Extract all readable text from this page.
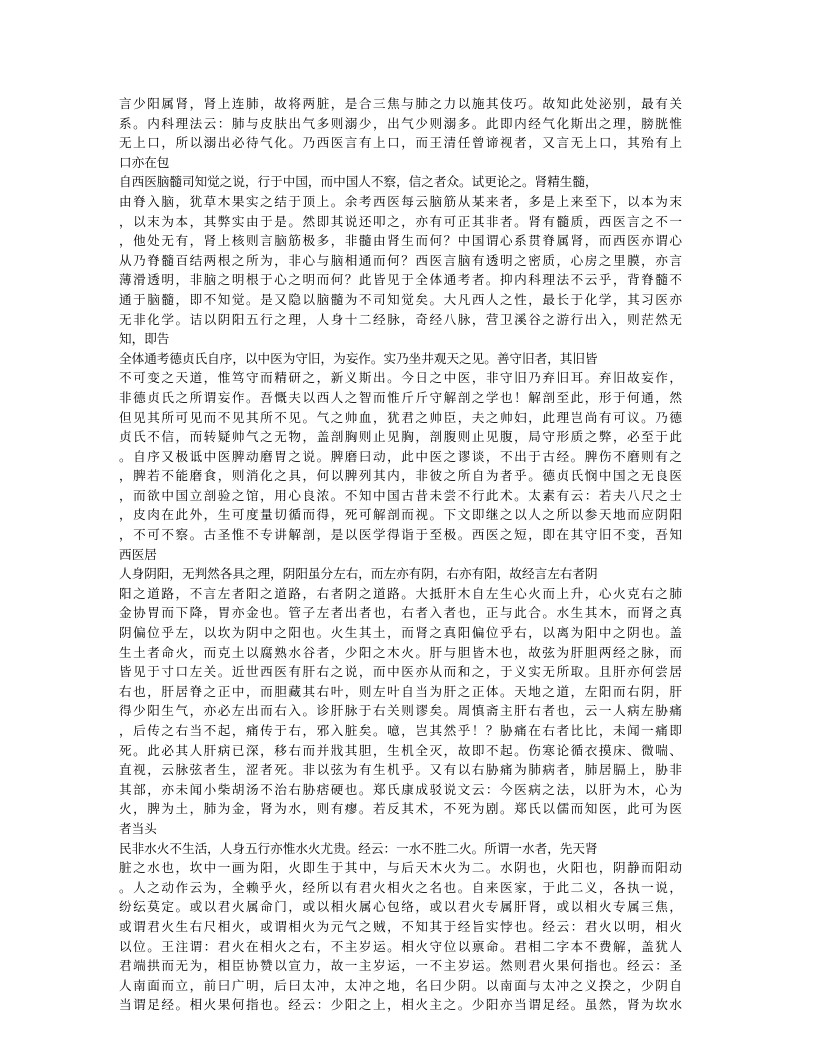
言少阳属肾，肾上连肺，故将两脏，是合三焦与肺之力以施其伎巧。故知此处泌别，最有关
系。内科理法云：肺与皮肤出气多则溺少，出气少则溺多。此即内经气化斯出之理，膀胱惟
无上口，所以溺出必待气化。乃西医言有上口，而王清任曾谛视者，又言无上口，其殆有上
口亦在包
自西医脑髓司知觉之说，行于中国，而中国人不察，信之者众。试更论之。肾精生髓，
由脊入脑，犹草木果实之结于顶上。余考西医每云脑筋从某来者，多是上来至下，以本为末
，以末为本，其弊实由于是。然即其说还叩之，亦有可正其非者。肾有髓质，西医言之不一
，他处无有，肾上核则言脑筋极多，非髓由肾生而何？中国谓心系贯脊属肾，而西医亦谓心
从乃脊髓百结两根之所为，非心与脑相通而何？西医言脑有透明之密质，心房之里膜，亦言
薄滑透明，非脑之明根于心之明而何？此皆见于全体通考者。抑内科理法不云乎，背脊髓不
通于脑髓，即不知觉。是又隐以脑髓为不司知觉矣。大凡西人之性，最长于化学，其习医亦
无非化学。诘以阴阳五行之理，人身十二经脉，奇经八脉，营卫溪谷之游行出入，则茫然无
知，即告
全体通考德贞氏自序，以中医为守旧，为妄作。实乃坐井观天之见。善守旧者，其旧皆
不可变之天道，惟笃守而精研之，新义斯出。今日之中医，非守旧乃弃旧耳。弃旧故妄作，
非德贞氏之所谓妄作。吾慨夫以西人之智而惟斤斤守解剖之学也！解剖至此，形于何通，然
但见其所可见而不见其所不见。气之帅血，犹君之帅臣，夫之帅妇，此理岂尚有可议。乃德
贞氏不信，而转疑帅气之无物，盖剖胸则止见胸，剖腹则止见腹，局守形质之弊，必至于此
。自序又极诋中医脾动磨胃之说。脾磨曰动，此中医之谬谈，不出于古经。脾伤不磨则有之
，脾若不能磨食，则消化之具，何以脾列其内，非彼之所自为者乎。德贞氏悯中国之无良医
，而欲中国立剖验之馆，用心良浓。不知中国古昔未尝不行此术。太素有云：若夫八尺之士
，皮肉在此外，生可度量切循而得，死可解剖而视。下文即继之以人之所以参天地而应阴阳
，不可不察。古圣惟不专讲解剖，是以医学得诣于至极。西医之短，即在其守旧不变，吾知
西医居
人身阴阳，无判然各具之理，阴阳虽分左右，而左亦有阴，右亦有阳，故经言左右者阴
阳之道路，不言左者阳之道路，右者阴之道路。大抵肝木自左生心火而上升，心火克右之肺
金协胃而下降，胃亦金也。管子左者出者也，右者入者也，正与此合。水生其木，而肾之真
阴偏位乎左，以坎为阴中之阳也。火生其土，而肾之真阳偏位乎右，以离为阳中之阴也。盖
生土者命火，而克土以腐熟水谷者，少阳之木火。肝与胆皆木也，故弦为肝胆两经之脉，而
皆见于寸口左关。近世西医有肝右之说，而中医亦从而和之，于义实无所取。且肝亦何尝居
右也，肝居脊之正中，而胆藏其右叶，则左叶自当为肝之正体。天地之道，左阳而右阴，肝
得少阳生气，亦必左出而右入。诊肝脉于右关则谬矣。周慎斋主肝右者也，云一人病左胁痛
，后传之右当不起，痛传于右，邪入脏矣。噫，岂其然乎！？胁痛在右者比比，未闻一痛即
死。此必其人肝病已深，移右而并戕其胆，生机全灭，故即不起。伤寒论循衣摸床、微喘、
直视，云脉弦者生，涩者死。非以弦为有生机乎。又有以右胁痛为肺病者，肺居膈上，胁非
其部，亦未闻小柴胡汤不治右胁痞硬也。郑氏康成驳说文云：今医病之法，以肝为木，心为
火，脾为土，肺为金，肾为水，则有瘳。若反其术，不死为剧。郑氏以儒而知医，此可为医
者当头
民非水火不生活，人身五行亦惟水火尤贵。经云：一水不胜二火。所谓一水者，先天肾
脏之水也，坎中一画为阳，火即生于其中，与后天木火为二。水阴也，火阳也，阴静而阳动
。人之动作云为，全赖乎火，经所以有君火相火之名也。自来医家，于此二义，各执一说，
纷纭莫定。或以君火属命门，或以相火属心包络，或以君火专属肝肾，或以相火专属三焦，
或谓君火生右尺相火，或谓相火为元气之贼，不知其于经旨实悖也。经云：君火以明，相火
以位。王注谓：君火在相火之右，不主岁运。相火守位以禀命。君相二字本不费解，盖犹人
君端拱而无为，相臣协赞以宣力，故一主岁运，一不主岁运。然则君火果何指也。经云：圣
人南面而立，前曰广明，后曰太冲，太冲之地，名曰少阴。以南面与太冲之义揆之，少阴自
当谓足经。相火果何指也。经云：少阳之上，相火主之。少阳亦当谓足经。虽然，肾为坎水
